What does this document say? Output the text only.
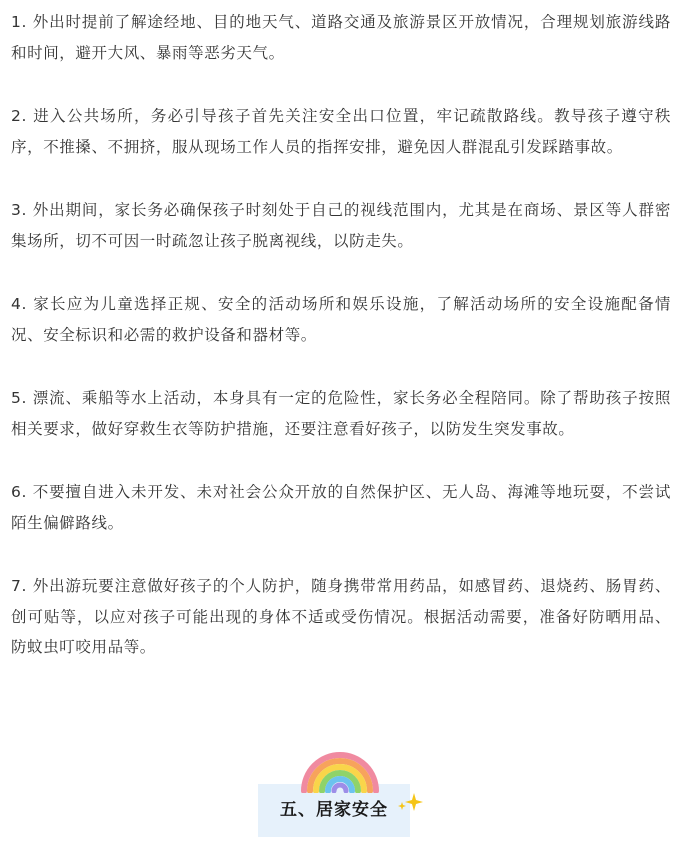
1. 外出时提前了解途经地、目的地天气、道路交通及旅游景区开放情况，合理规划旅游线路和时间，避开大风、暴雨等恶劣天气。

2. 进入公共场所，务必引导孩子首先关注安全出口位置，牢记疏散路线。教导孩子遵守秩序，不推搡、不拥挤，服从现场工作人员的指挥安排，避免因人群混乱引发踩踏事故。

3. 外出期间，家长务必确保孩子时刻处于自己的视线范围内，尤其是在商场、景区等人群密集场所，切不可因一时疏忽让孩子脱离视线，以防走失。

4. 家长应为儿童选择正规、安全的活动场所和娱乐设施，了解活动场所的安全设施配备情况、安全标识和必需的救护设备和器材等。

5. 漂流、乘船等水上活动，本身具有一定的危险性，家长务必全程陪同。除了帮助孩子按照相关要求，做好穿救生衣等防护措施，还要注意看好孩子，以防发生突发事故。

6. 不要擅自进入未开发、未对社会公众开放的自然保护区、无人岛、海滩等地玩耍，不尝试陌生偏僻路线。

7. 外出游玩要注意做好孩子的个人防护，随身携带常用药品，如感冒药、退烧药、肠胃药、创可贴等，以应对孩子可能出现的身体不适或受伤情况。根据活动需要，准备好防晒用品、防蚊虫叮咬用品等。

五、居家安全
